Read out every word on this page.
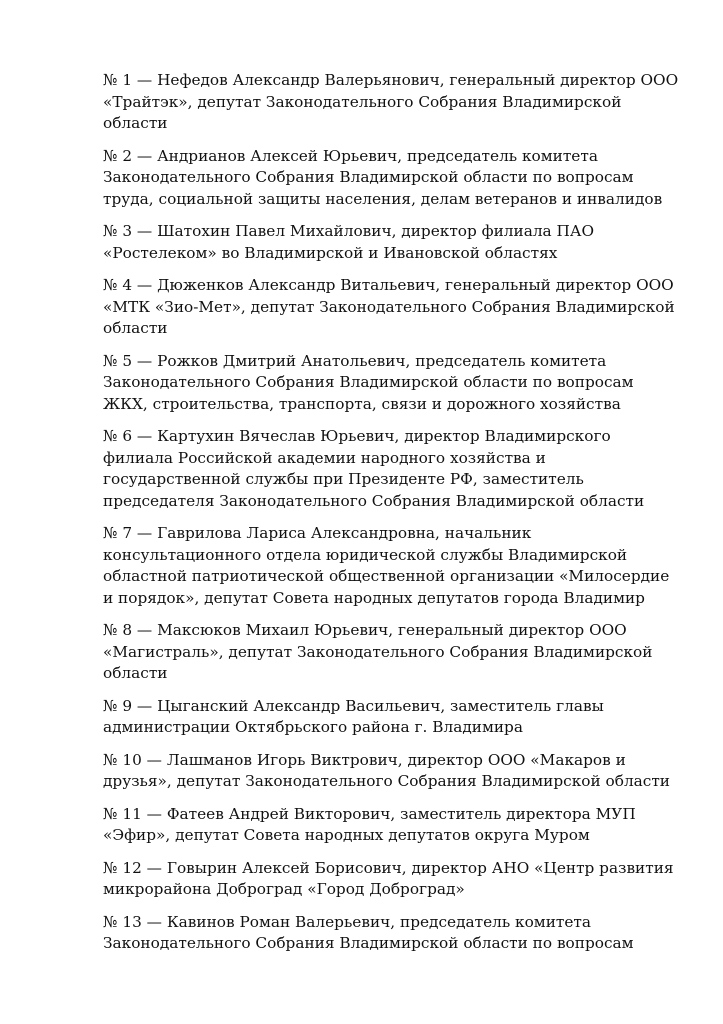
№ 1 — Нефедов Александр Валерьянович, генеральный директор ООО «Трайтэк», депутат Законодательного Собрания Владимирской области

№ 2 — Андрианов Алексей Юрьевич, председатель комитета Законодательного Собрания Владимирской области по вопросам труда, социальной защиты населения, делам ветеранов и инвалидов

№ 3 — Шатохин Павел Михайлович, директор филиала ПАО «Ростелеком» во Владимирской и Ивановской областях

№ 4 — Дюженков Александр Витальевич, генеральный директор ООО «МТК «Зио-Мет», депутат Законодательного Собрания Владимирской области

№ 5 — Рожков Дмитрий Анатольевич, председатель комитета Законодательного Собрания Владимирской области по вопросам ЖКХ, строительства, транспорта, связи и дорожного хозяйства

№ 6 — Картухин Вячеслав Юрьевич, директор Владимирского филиала Российской академии народного хозяйства и государственной службы при Президенте РФ, заместитель председателя Законодательного Собрания Владимирской области

№ 7 — Гаврилова Лариса Александровна, начальник консультационного отдела юридической службы Владимирской областной патриотической общественной организации «Милосердие и порядок», депутат Совета народных депутатов города Владимир

№ 8 — Максюков Михаил Юрьевич, генеральный директор ООО «Магистраль», депутат Законодательного Собрания Владимирской области

№ 9 — Цыганский Александр Васильевич, заместитель главы администрации Октябрьского района г. Владимира

№ 10 — Лашманов Игорь Виктрович, директор ООО «Макаров и друзья», депутат Законодательного Собрания Владимирской области

№ 11 — Фатеев Андрей Викторович, заместитель директора МУП «Эфир», депутат Совета народных депутатов округа Муром

№ 12 — Говырин Алексей Борисович, директор АНО «Центр развития микрорайона Доброград «Город Доброград»

№ 13 — Кавинов Роман Валерьевич, председатель комитета Законодательного Собрания Владимирской области по вопросам
